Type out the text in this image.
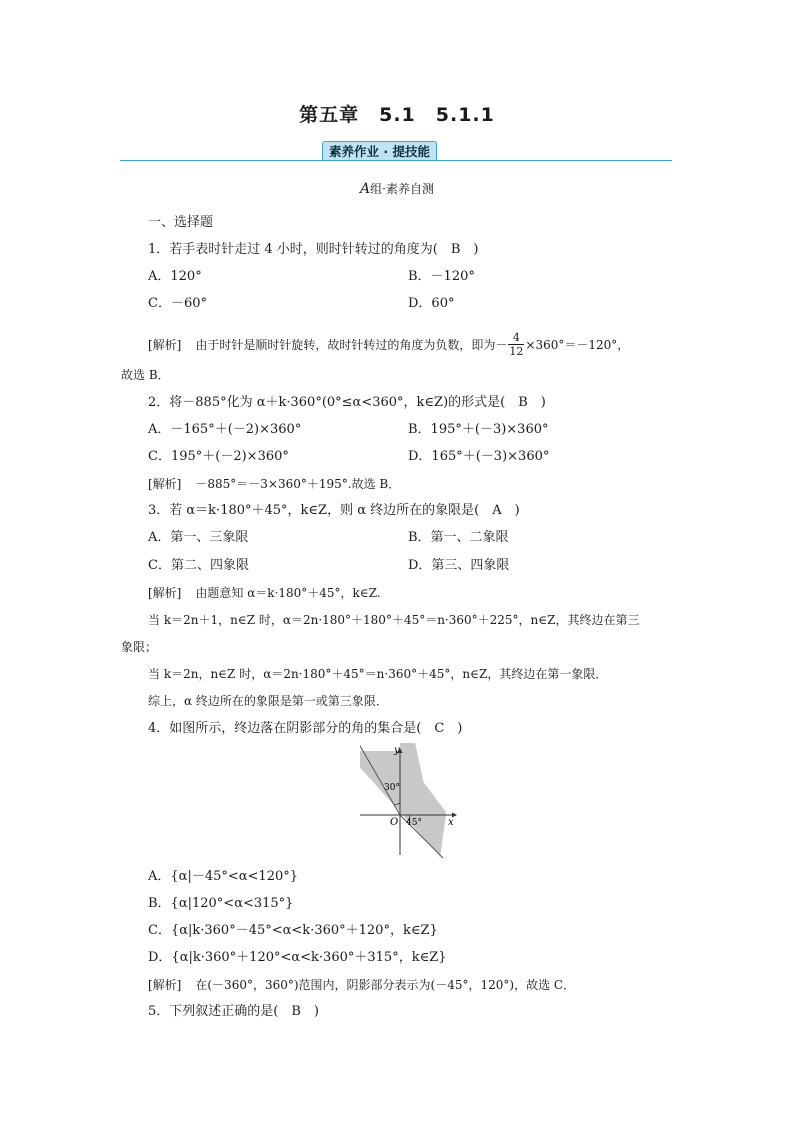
第五章　5.1　5.1.1
素养作业 · 提技能
A组·素养自测
一、选择题
1．若手表时针走过 4 小时，则时针转过的角度为(　B　)
A．120°	B．－120°
C．－60°	D．60°
[解析] 由于时针是顺时针旋转，故时针转过的角度为负数，即为－ $\frac{4}{12} \times 360^\circ=-120^\circ$，
故选 B．
2．将－885°化为 α＋k·360°(0°≤α<360°，k∈Z)的形式是(　B　)
A．－165°＋(－2)×360°	B．195°＋(－3)×360°
C．195°＋(－2)×360°	D．165°＋(－3)×360°
[解析] －885°＝－3×360°＋195°.故选 B．
3．若 α＝k·180°＋45°，k∈Z，则 α 终边所在的象限是(　A　)
A．第一、三象限	B．第一、二象限
C．第二、四象限	D．第三、四象限
[解析] 由题意知 α＝k·180°＋45°，k∈Z.
当 k＝2n＋1，n∈Z 时，α＝2n·180°＋180°＋45°＝n·360°＋225°，n∈Z，其终边在第三
象限；
当 k＝2n，n∈Z 时，α＝2n·180°＋45°＝n·360°＋45°，n∈Z，其终边在第一象限．
综上，α 终边所在的象限是第一或第三象限．
4．如图所示，终边落在阴影部分的角的集合是(　C　)
y
x
O
30°
45°
A．{α|－45°<α<120°}
B．{α|120°<α<315°}
C．{α|k·360°－45°<α<k·360°＋120°，k∈Z}
D．{α|k·360°＋120°<α<k·360°＋315°，k∈Z}
[解析] 在(－360°，360°)范围内，阴影部分表示为(－45°，120°)，故选 C．
5．下列叙述正确的是(　B　)
